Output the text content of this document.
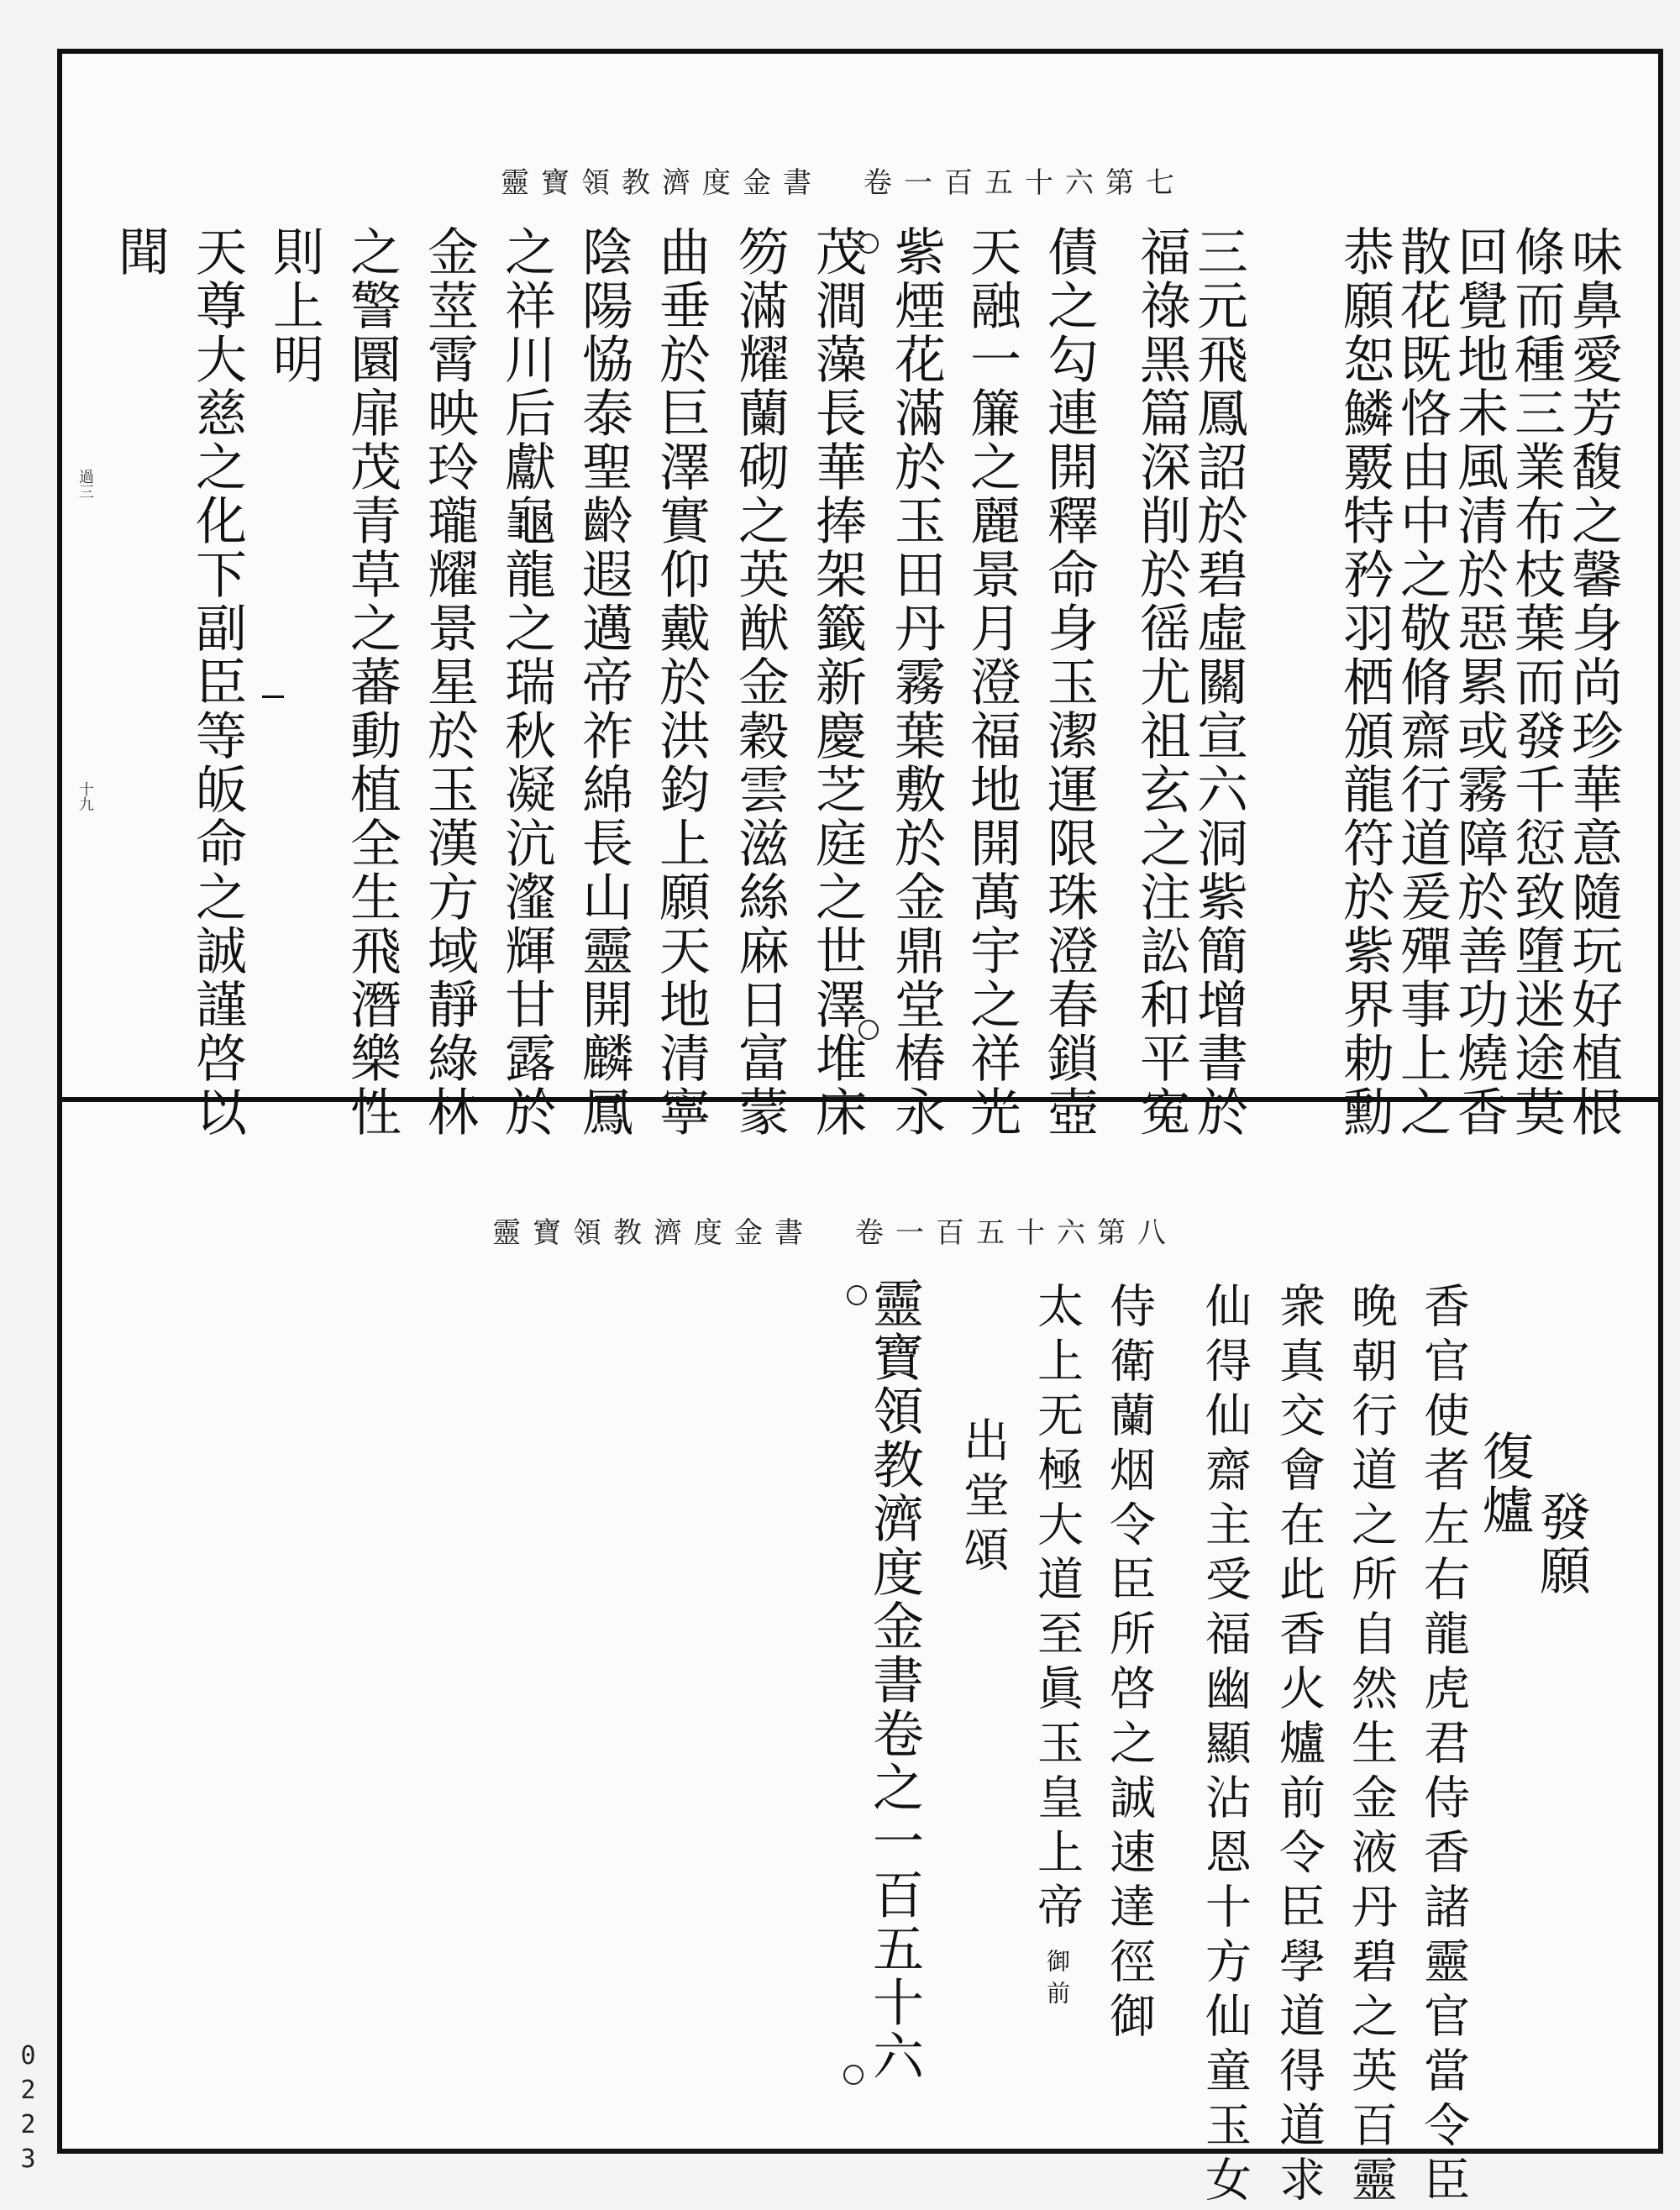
靈寶領教濟度金書　卷一百五十六第七
味鼻愛芳馥之馨身尚珍華意隨玩好植根
條而種三業布枝葉而發千愆致墮迷途莫
回覺地未風清於惡累或霧障於善功燒香
散花既恪由中之敬脩齋行道爰殫事上之
恭願恕鱗覈特矜羽栖頒龍符於紫界勅勳
三元飛鳳詔於碧虛關宣六洞紫簡增書於
福祿黑篇深削於徭尤祖玄之注訟和平寃
債之勾連開釋命身玉潔運限珠澄春鎖壺
天融一簾之麗景月澄福地開萬宇之祥光
紫煙花滿於玉田丹霧葉敷於金鼎堂椿永
茂澗藻長華捧架籤新慶芝庭之世澤堆床
笏滿耀蘭砌之英猷金穀雲滋絲麻日富蒙
曲垂於巨澤實仰戴於洪鈞上願天地清寧
陰陽恊泰聖齡遐邁帝祚綿長山靈開麟鳳
之祥川后獻龜龍之瑞秋凝沆瀣輝甘露於
金莖霄映玲瓏耀景星於玉漢方域靜綠林
之警圜扉茂青草之蕃動植全生飛潛樂性
則上明
天尊大慈之化下副臣等皈命之誠謹啓以
聞
過三
十九
靈寶領教濟度金書　卷一百五十六第八
發願
復爐
香官使者左右龍虎君侍香諸靈官當令臣
晚朝行道之所自然生金液丹碧之英百靈
衆真交會在此香火爐前令臣學道得道求
仙得仙齋主受福幽顯沾恩十方仙童玉女
侍衛蘭烟令臣所啓之誠速達徑御
太上无極大道至眞玉皇上帝御前
出堂頌
靈寶領教濟度金書卷之一百五十六
0223
